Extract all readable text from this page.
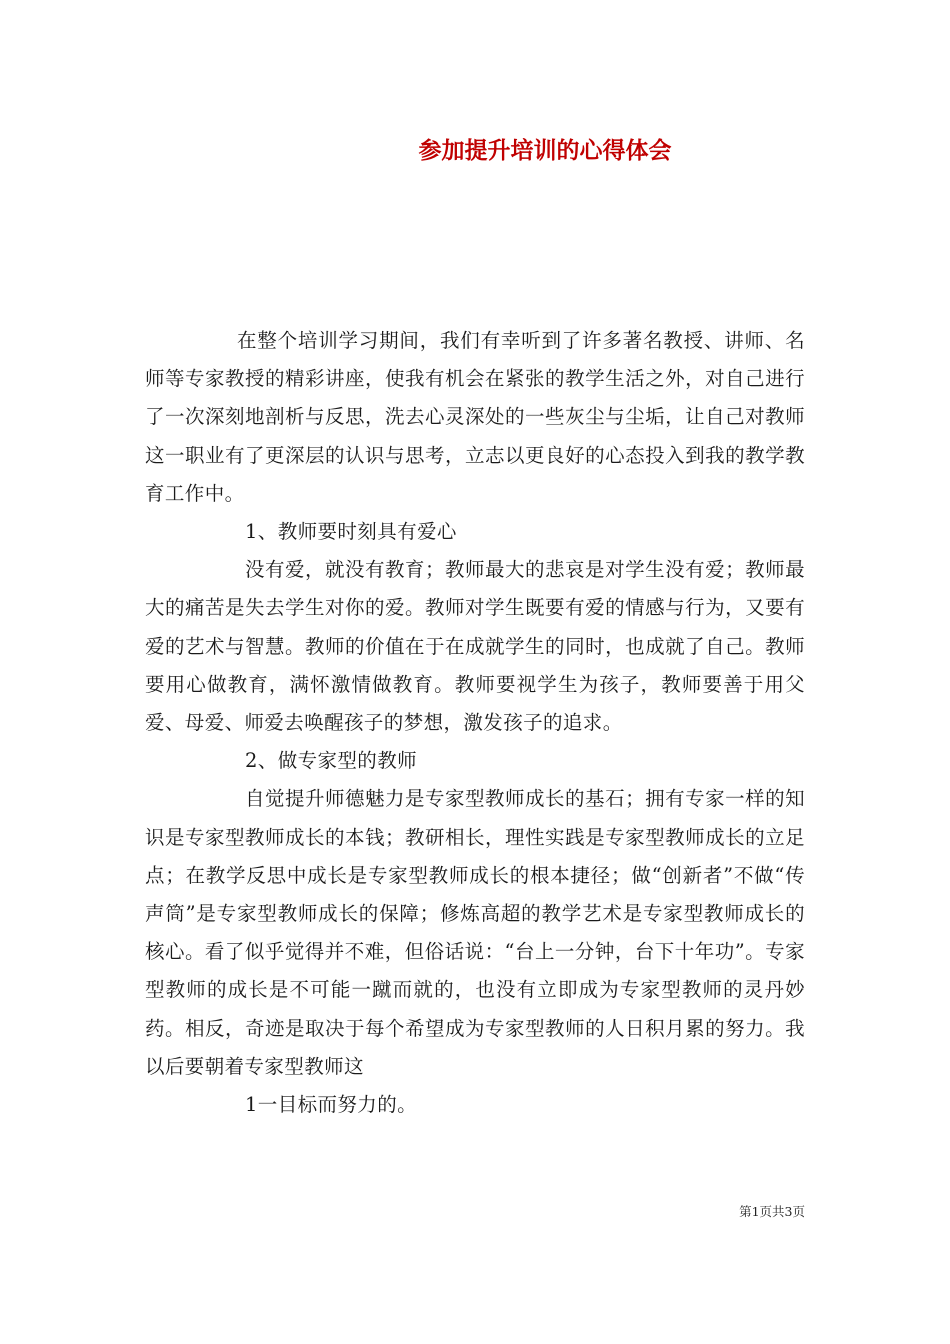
参加提升培训的心得体会

在整个培训学习期间，我们有幸听到了许多著名教授、讲师、名师等专家教授的精彩讲座，使我有机会在紧张的教学生活之外，对自己进行了一次深刻地剖析与反思，洗去心灵深处的一些灰尘与尘垢，让自己对教师这一职业有了更深层的认识与思考，立志以更良好的心态投入到我的教学教育工作中。

1、教师要时刻具有爱心

没有爱，就没有教育；教师最大的悲哀是对学生没有爱；教师最大的痛苦是失去学生对你的爱。教师对学生既要有爱的情感与行为，又要有爱的艺术与智慧。教师的价值在于在成就学生的同时，也成就了自己。教师要用心做教育，满怀激情做教育。教师要视学生为孩子，教师要善于用父爱、母爱、师爱去唤醒孩子的梦想，激发孩子的追求。

2、做专家型的教师

自觉提升师德魅力是专家型教师成长的基石；拥有专家一样的知识是专家型教师成长的本钱；教研相长，理性实践是专家型教师成长的立足点；在教学反思中成长是专家型教师成长的根本捷径；做“创新者”不做“传声筒”是专家型教师成长的保障；修炼高超的教学艺术是专家型教师成长的核心。看了似乎觉得并不难，但俗话说：“台上一分钟，台下十年功”。专家型教师的成长是不可能一蹴而就的，也没有立即成为专家型教师的灵丹妙药。相反，奇迹是取决于每个希望成为专家型教师的人日积月累的努力。我以后要朝着专家型教师这

1一目标而努力的。

第1页共3页
